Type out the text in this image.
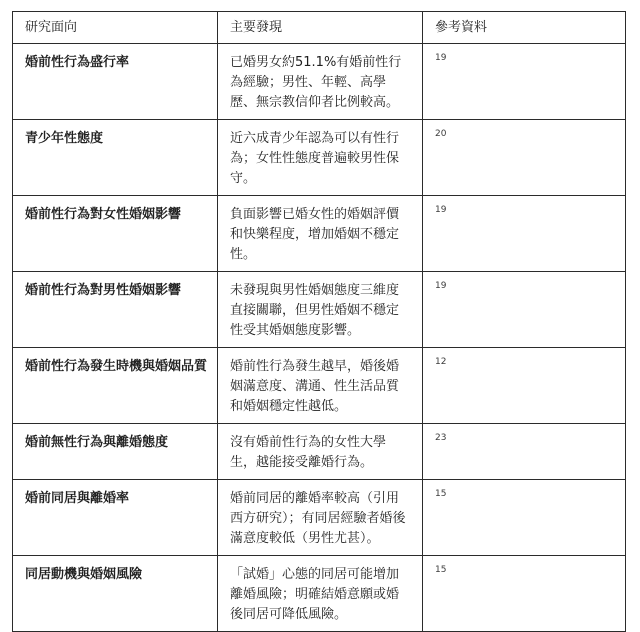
研究面向	主要發現	參考資料
婚前性行為盛行率	已婚男女約51.1%有婚前性行為經驗；男性、年輕、高學歷、無宗教信仰者比例較高。	19
青少年性態度	近六成青少年認為可以有性行為；女性性態度普遍較男性保守。	20
婚前性行為對女性婚姻影響	負面影響已婚女性的婚姻評價和快樂程度，增加婚姻不穩定性。	19
婚前性行為對男性婚姻影響	未發現與男性婚姻態度三維度直接關聯，但男性婚姻不穩定性受其婚姻態度影響。	19
婚前性行為發生時機與婚姻品質	婚前性行為發生越早，婚後婚姻滿意度、溝通、性生活品質和婚姻穩定性越低。	12
婚前無性行為與離婚態度	沒有婚前性行為的女性大學生，越能接受離婚行為。	23
婚前同居與離婚率	婚前同居的離婚率較高（引用西方研究）；有同居經驗者婚後滿意度較低（男性尤甚）。	15
同居動機與婚姻風險	「試婚」心態的同居可能增加離婚風險；明確結婚意願或婚後同居可降低風險。	15
